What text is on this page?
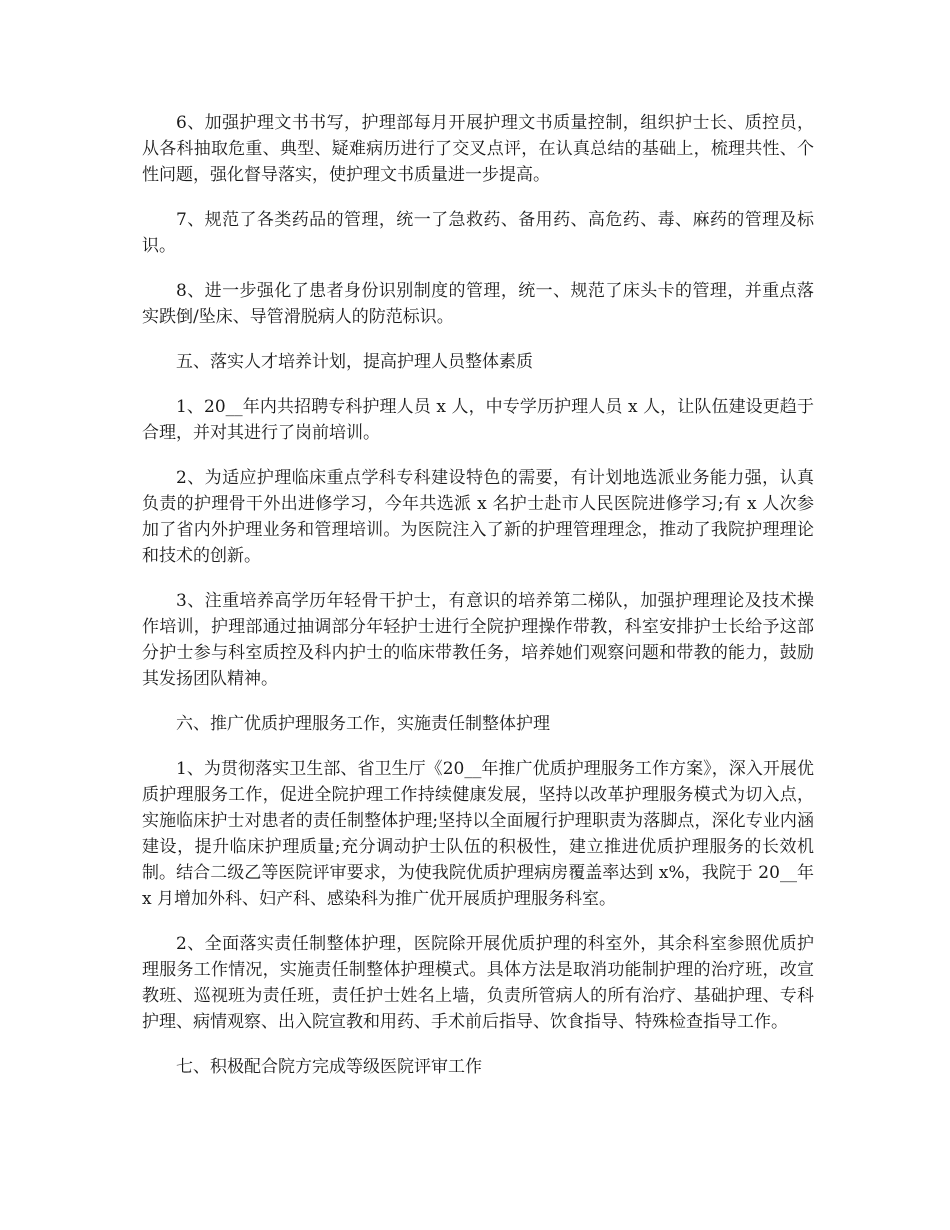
6、加强护理文书书写，护理部每月开展护理文书质量控制，组织护士长、质控员，从各科抽取危重、典型、疑难病历进行了交叉点评，在认真总结的基础上，梳理共性、个性问题，强化督导落实，使护理文书质量进一步提高。

7、规范了各类药品的管理，统一了急救药、备用药、高危药、毒、麻药的管理及标识。

8、进一步强化了患者身份识别制度的管理，统一、规范了床头卡的管理，并重点落实跌倒/坠床、导管滑脱病人的防范标识。

五、落实人才培养计划，提高护理人员整体素质

1、20__年内共招聘专科护理人员 x 人，中专学历护理人员 x 人，让队伍建设更趋于合理，并对其进行了岗前培训。

2、为适应护理临床重点学科专科建设特色的需要，有计划地选派业务能力强，认真负责的护理骨干外出进修学习，今年共选派 x 名护士赴市人民医院进修学习;有 x 人次参加了省内外护理业务和管理培训。为医院注入了新的护理管理理念，推动了我院护理理论和技术的创新。

3、注重培养高学历年轻骨干护士，有意识的培养第二梯队，加强护理理论及技术操作培训，护理部通过抽调部分年轻护士进行全院护理操作带教，科室安排护士长给予这部分护士参与科室质控及科内护士的临床带教任务，培养她们观察问题和带教的能力，鼓励其发扬团队精神。

六、推广优质护理服务工作，实施责任制整体护理

1、为贯彻落实卫生部、省卫生厅《20__年推广优质护理服务工作方案》，深入开展优质护理服务工作，促进全院护理工作持续健康发展，坚持以改革护理服务模式为切入点，实施临床护士对患者的责任制整体护理;坚持以全面履行护理职责为落脚点，深化专业内涵建设，提升临床护理质量;充分调动护士队伍的积极性，建立推进优质护理服务的长效机制。结合二级乙等医院评审要求，为使我院优质护理病房覆盖率达到 x%，我院于 20__年 x 月增加外科、妇产科、感染科为推广优开展质护理服务科室。

2、全面落实责任制整体护理，医院除开展优质护理的科室外，其余科室参照优质护理服务工作情况，实施责任制整体护理模式。具体方法是取消功能制护理的治疗班，改宣教班、巡视班为责任班，责任护士姓名上墙，负责所管病人的所有治疗、基础护理、专科护理、病情观察、出入院宣教和用药、手术前后指导、饮食指导、特殊检查指导工作。

七、积极配合院方完成等级医院评审工作
